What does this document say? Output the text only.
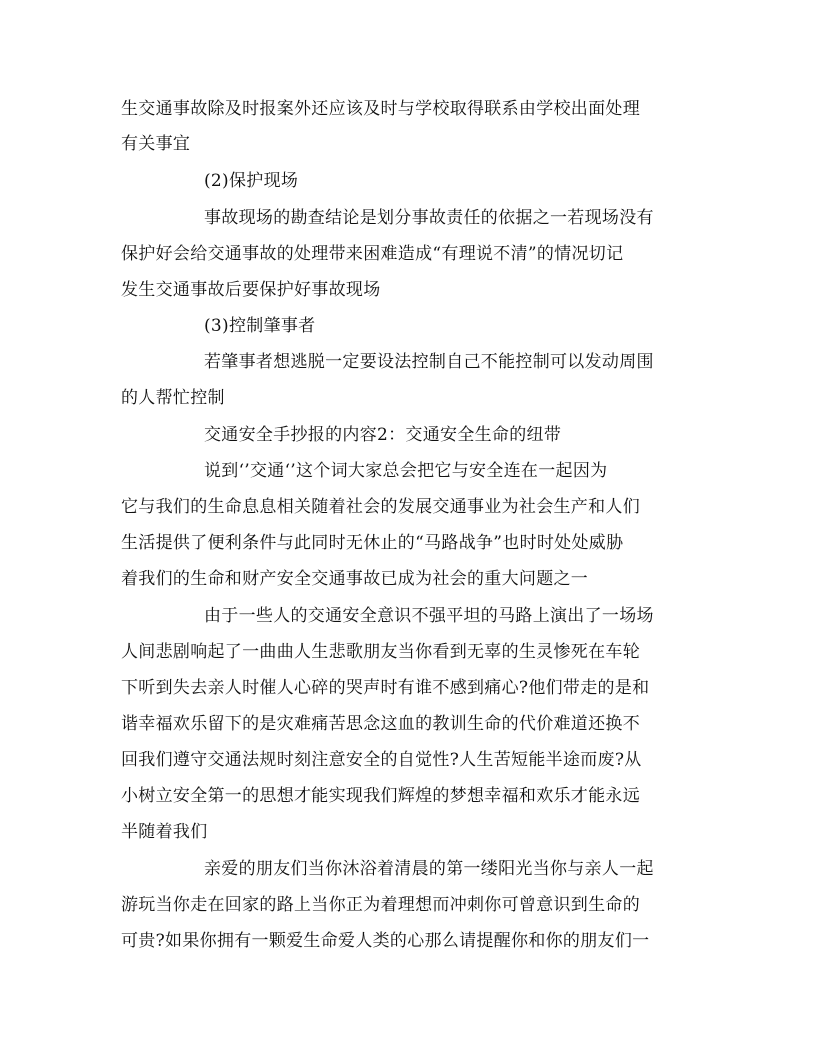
生交通事故除及时报案外还应该及时与学校取得联系由学校出面处理
有关事宜
(2)保护现场
事故现场的勘查结论是划分事故责任的依据之一若现场没有
保护好会给交通事故的处理带来困难造成“有理说不清”的情况切记
发生交通事故后要保护好事故现场
(3)控制肇事者
若肇事者想逃脱一定要设法控制自己不能控制可以发动周围
的人帮忙控制
交通安全手抄报的内容2：交通安全生命的纽带
说到‘’交通‘’这个词大家总会把它与安全连在一起因为
它与我们的生命息息相关随着社会的发展交通事业为社会生产和人们
生活提供了便利条件与此同时无休止的“马路战争”也时时处处威胁
着我们的生命和财产安全交通事故已成为社会的重大问题之一
由于一些人的交通安全意识不强平坦的马路上演出了一场场
人间悲剧响起了一曲曲人生悲歌朋友当你看到无辜的生灵惨死在车轮
下听到失去亲人时催人心碎的哭声时有谁不感到痛心?他们带走的是和
谐幸福欢乐留下的是灾难痛苦思念这血的教训生命的代价难道还换不
回我们遵守交通法规时刻注意安全的自觉性?人生苦短能半途而废?从
小树立安全第一的思想才能实现我们辉煌的梦想幸福和欢乐才能永远
半随着我们
亲爱的朋友们当你沐浴着清晨的第一缕阳光当你与亲人一起
游玩当你走在回家的路上当你正为着理想而冲刺你可曾意识到生命的
可贵?如果你拥有一颗爱生命爱人类的心那么请提醒你和你的朋友们一
